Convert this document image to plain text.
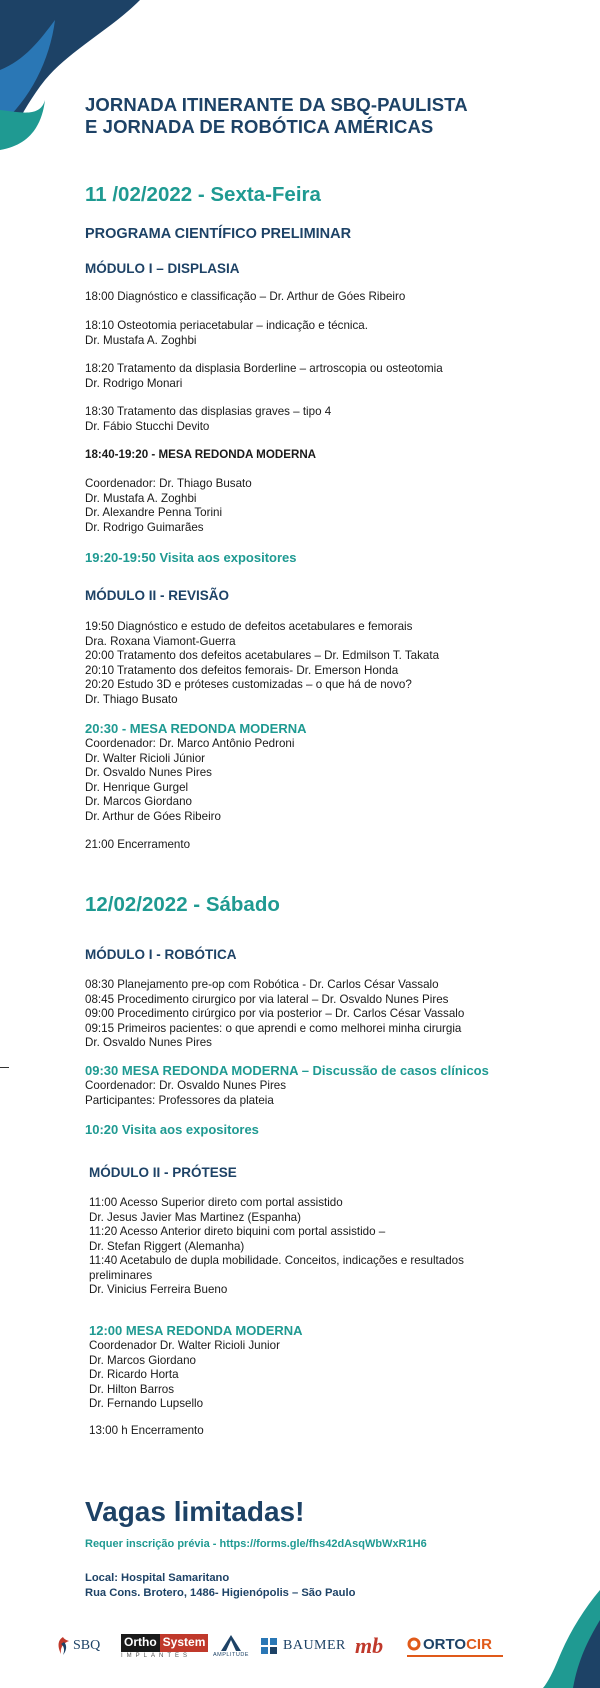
JORNADA ITINERANTE DA SBQ-PAULISTA
E JORNADA DE ROBÓTICA AMÉRICAS
11 /02/2022 - Sexta-Feira
PROGRAMA CIENTÍFICO PRELIMINAR
MÓDULO I – DISPLASIA
18:00 Diagnóstico e classificação – Dr. Arthur de Góes Ribeiro
18:10 Osteotomia periacetabular – indicação e técnica.
Dr. Mustafa A. Zoghbi
18:20 Tratamento da displasia Borderline – artroscopia ou osteotomia
Dr. Rodrigo Monari
18:30 Tratamento das displasias graves – tipo 4
Dr. Fábio Stucchi Devito
18:40-19:20 - MESA REDONDA MODERNA
Coordenador: Dr. Thiago Busato
Dr. Mustafa A. Zoghbi
Dr. Alexandre Penna Torini
Dr. Rodrigo Guimarães
19:20-19:50 Visita aos expositores
MÓDULO II - REVISÃO
19:50 Diagnóstico e estudo de defeitos acetabulares e femorais
Dra. Roxana Viamont-Guerra
20:00 Tratamento dos defeitos acetabulares – Dr. Edmilson T. Takata
20:10 Tratamento dos defeitos femorais- Dr. Emerson Honda
20:20 Estudo 3D e próteses customizadas – o que há de novo?
Dr. Thiago Busato
20:30 - MESA REDONDA MODERNA
Coordenador: Dr. Marco Antônio Pedroni
Dr. Walter Ricioli Júnior
Dr. Osvaldo Nunes Pires
Dr. Henrique Gurgel
Dr. Marcos Giordano
Dr. Arthur de Góes Ribeiro
21:00 Encerramento
12/02/2022 - Sábado
MÓDULO I - ROBÓTICA
08:30 Planejamento pre-op com Robótica - Dr. Carlos César Vassalo
08:45 Procedimento cirurgico por via lateral – Dr. Osvaldo Nunes Pires
09:00 Procedimento cirúrgico por via posterior – Dr. Carlos César Vassalo
09:15 Primeiros pacientes: o que aprendi e como melhorei minha cirurgia
Dr. Osvaldo Nunes Pires
09:30 MESA REDONDA MODERNA – Discussão de casos clínicos
Coordenador: Dr. Osvaldo Nunes Pires
Participantes: Professores da plateia
10:20 Visita aos expositores
MÓDULO II - PRÓTESE
11:00 Acesso Superior direto com portal assistido
Dr. Jesus Javier Mas Martinez (Espanha)
11:20 Acesso Anterior direto biquini com portal assistido –
Dr. Stefan Riggert (Alemanha)
11:40 Acetabulo de dupla mobilidade. Conceitos, indicações e resultados
preliminares
Dr. Vinicius Ferreira Bueno
12:00 MESA REDONDA MODERNA
Coordenador Dr. Walter Ricioli Junior
Dr. Marcos Giordano
Dr. Ricardo Horta
Dr. Hilton Barros
Dr. Fernando Lupsello
13:00 h Encerramento
Vagas limitadas!
Requer inscrição prévia - https://forms.gle/fhs42dAsqWbWxR1H6
Local: Hospital Samaritano
Rua Cons. Brotero, 1486- Higienópolis – São Paulo
SBQ Ortho System
IMPLANTES	AMPLITUDE
BAUMER mb	ORTO CIR
